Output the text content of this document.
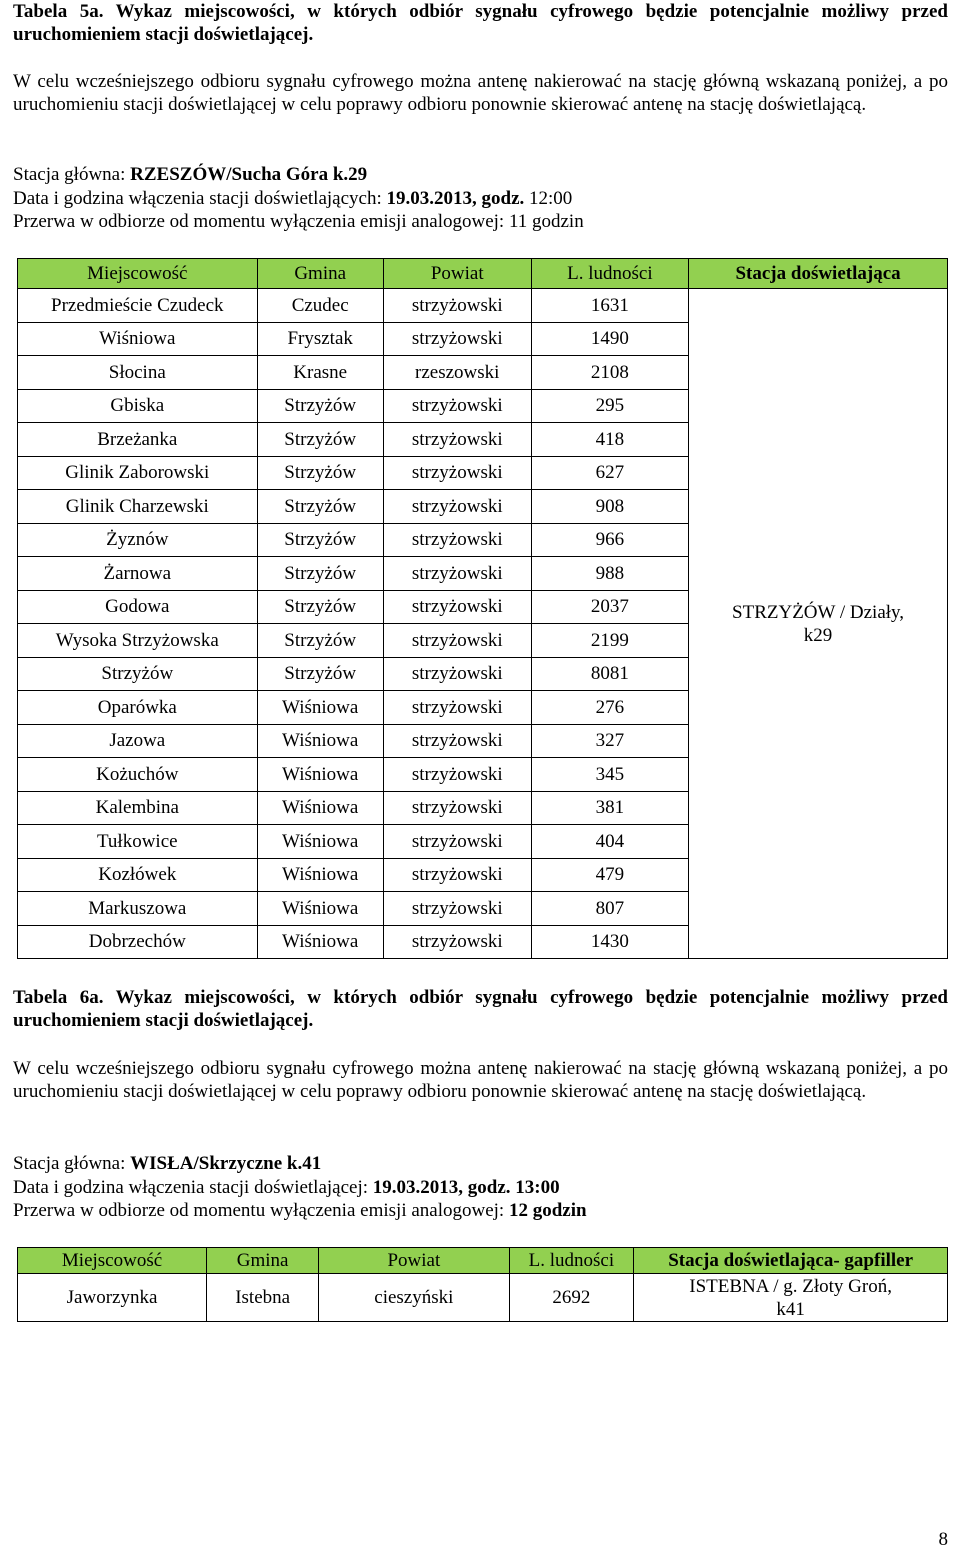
Tabela 5a. Wykaz miejscowości, w których odbiór sygnału cyfrowego będzie potencjalnie możliwy przed uruchomieniem stacji doświetlającej.

W celu wcześniejszego odbioru sygnału cyfrowego można antenę nakierować na stację główną wskazaną poniżej, a po uruchomieniu stacji doświetlającej w celu poprawy odbioru ponownie skierować antenę na stację doświetlającą.

Stacja główna: RZESZÓW/Sucha Góra k.29
Data i godzina włączenia stacji doświetlających: 19.03.2013, godz. 12:00
Przerwa w odbiorze od momentu wyłączenia emisji analogowej: 11 godzin
Miejscowość	Gmina	Powiat	L. ludności	Stacja doświetlająca
Przedmieście Czudeck	Czudec	strzyżowski	1631	STRZYŻÓW / Działy,
k29

Wiśniowa	Frysztak	strzyżowski	1490	
Słocina	Krasne	rzeszowski	2108	
Gbiska	Strzyżów	strzyżowski	295	
Brzeżanka	Strzyżów	strzyżowski	418	
Glinik Zaborowski	Strzyżów	strzyżowski	627	
Glinik Charzewski	Strzyżów	strzyżowski	908	
Żyznów	Strzyżów	strzyżowski	966	
Żarnowa	Strzyżów	strzyżowski	988	
Godowa	Strzyżów	strzyżowski	2037	
Wysoka Strzyżowska	Strzyżów	strzyżowski	2199	
Strzyżów	Strzyżów	strzyżowski	8081	
Oparówka	Wiśniowa	strzyżowski	276	
Jazowa	Wiśniowa	strzyżowski	327	
Kożuchów	Wiśniowa	strzyżowski	345	
Kalembina	Wiśniowa	strzyżowski	381	
Tułkowice	Wiśniowa	strzyżowski	404	
Kozłówek	Wiśniowa	strzyżowski	479	
Markuszowa	Wiśniowa	strzyżowski	807	
Dobrzechów	Wiśniowa	strzyżowski	1430	

Tabela 6a. Wykaz miejscowości, w których odbiór sygnału cyfrowego będzie potencjalnie możliwy przed uruchomieniem stacji doświetlającej.

W celu wcześniejszego odbioru sygnału cyfrowego można antenę nakierować na stację główną wskazaną poniżej, a po uruchomieniu stacji doświetlającej w celu poprawy odbioru ponownie skierować antenę na stację doświetlającą.

Stacja główna: WISŁA/Skrzyczne k.41
Data i godzina włączenia stacji doświetlającej: 19.03.2013, godz. 13:00
Przerwa w odbiorze od momentu wyłączenia emisji analogowej: 12 godzin
Miejscowość	Gmina	Powiat	L. ludności	Stacja doświetlająca- gapfiller
Jaworzynka	Istebna	cieszyński	2692	ISTEBNA / g. Złoty Groń,
k41
8
